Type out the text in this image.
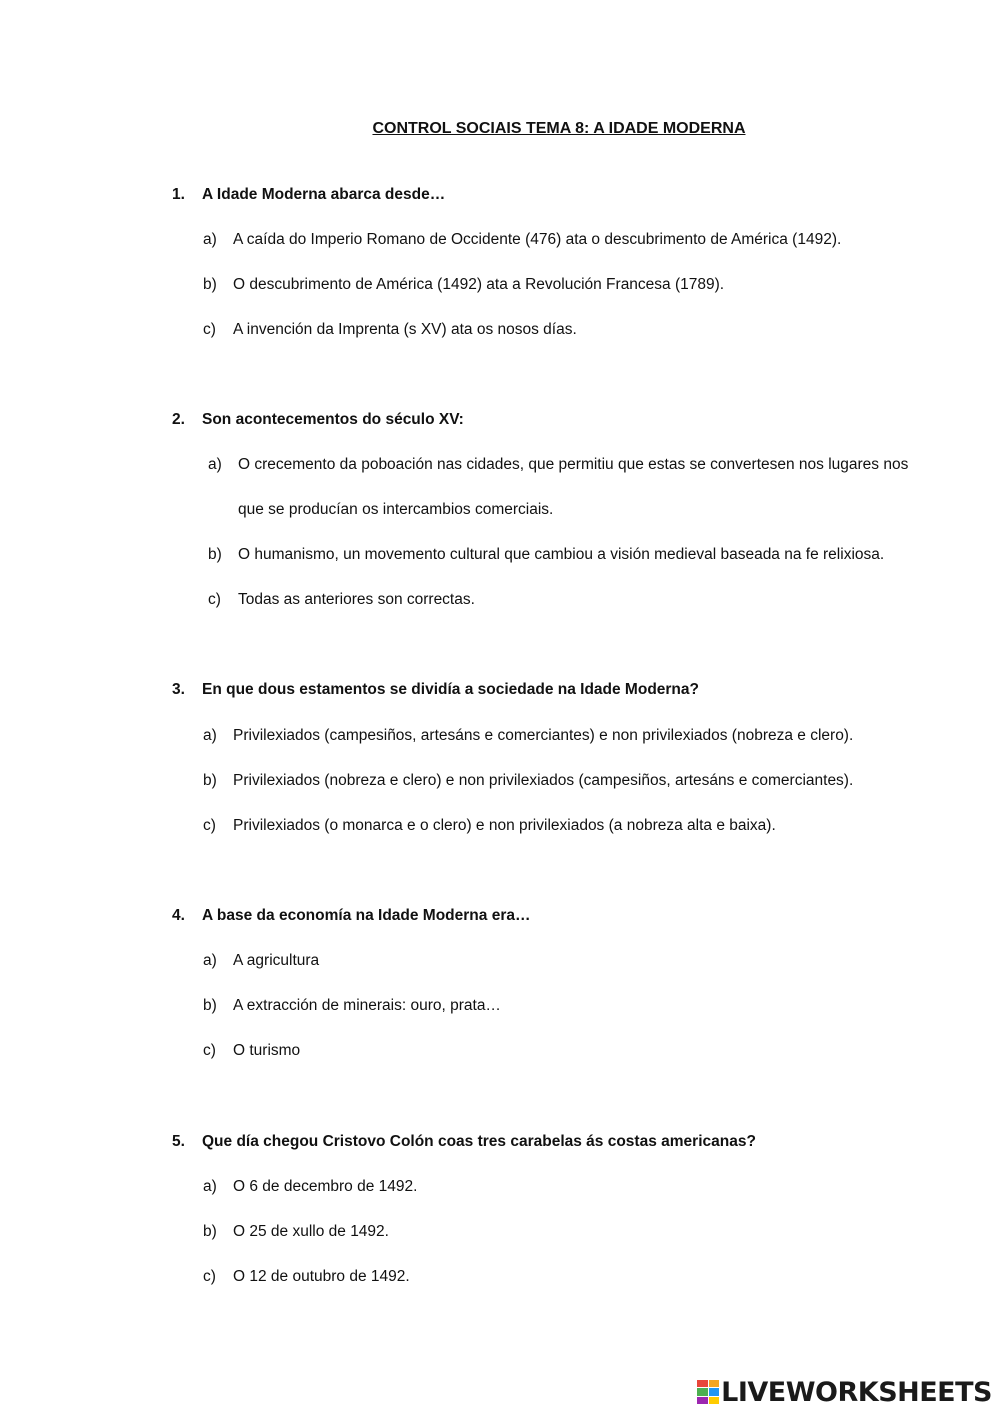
CONTROL SOCIAIS TEMA 8: A IDADE MODERNA
1. A Idade Moderna abarca desde…
a) A caída do Imperio Romano de Occidente (476) ata o descubrimento de América (1492).
b) O descubrimento de América (1492) ata a Revolución Francesa (1789).
c) A invención da Imprenta (s XV) ata os nosos días.
2. Son acontecementos do século XV:
a) O crecemento da poboación nas cidades, que permitiu que estas se convertesen nos lugares nos
que se producían os intercambios comerciais.
b) O humanismo, un movemento cultural que cambiou a visión medieval baseada na fe relixiosa.
c) Todas as anteriores son correctas.
3. En que dous estamentos se dividía a sociedade na Idade Moderna?
a) Privilexiados (campesiños, artesáns e comerciantes) e non privilexiados (nobreza e clero).
b) Privilexiados (nobreza e clero) e non privilexiados (campesiños, artesáns e comerciantes).
c) Privilexiados (o monarca e o clero) e non privilexiados (a nobreza alta e baixa).
4. A base da economía na Idade Moderna era…
a) A agricultura
b) A extracción de minerais: ouro, prata…
c) O turismo
5. Que día chegou Cristovo Colón coas tres carabelas ás costas americanas?
a) O 6 de decembro de 1492.
b) O 25 de xullo de 1492.
c) O 12 de outubro de 1492.
LIVEWORKSHEETS
